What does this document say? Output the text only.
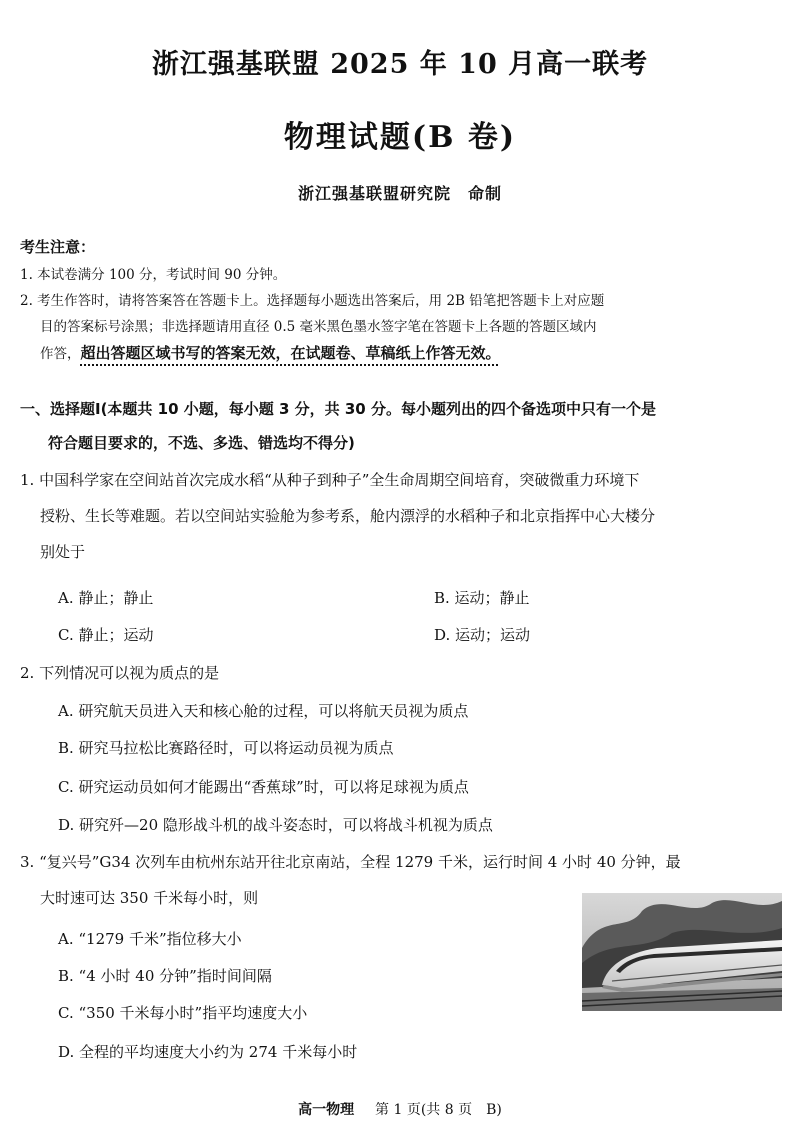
浙江强基联盟 2025 年 10 月高一联考
物理试题(B 卷)
浙江强基联盟研究院　命制
考生注意：
1. 本试卷满分 100 分，考试时间 90 分钟。
2. 考生作答时，请将答案答在答题卡上。选择题每小题选出答案后，用 2B 铅笔把答题卡上对应题
目的答案标号涂黑；非选择题请用直径 0.5 毫米黑色墨水签字笔在答题卡上各题的答题区域内
作答，超出答题区域书写的答案无效，在试题卷、草稿纸上作答无效。
一、选择题Ⅰ(本题共 10 小题，每小题 3 分，共 30 分。每小题列出的四个备选项中只有一个是
符合题目要求的，不选、多选、错选均不得分)
1. 中国科学家在空间站首次完成水稻“从种子到种子”全生命周期空间培育，突破微重力环境下
授粉、生长等难题。若以空间站实验舱为参考系，舱内漂浮的水稻种子和北京指挥中心大楼分
别处于
A. 静止；静止	B. 运动；静止
C. 静止；运动	D. 运动；运动
2. 下列情况可以视为质点的是
A. 研究航天员进入天和核心舱的过程，可以将航天员视为质点
B. 研究马拉松比赛路径时，可以将运动员视为质点
C. 研究运动员如何才能踢出“香蕉球”时，可以将足球视为质点
D. 研究歼—20 隐形战斗机的战斗姿态时，可以将战斗机视为质点
3. “复兴号”G34 次列车由杭州东站开往北京南站，全程 1279 千米，运行时间 4 小时 40 分钟，最
大时速可达 350 千米每小时，则
A. “1279 千米”指位移大小
B. “4 小时 40 分钟”指时间间隔
C. “350 千米每小时”指平均速度大小
D. 全程的平均速度大小约为 274 千米每小时
高一物理 第 1 页(共 8 页　B)
